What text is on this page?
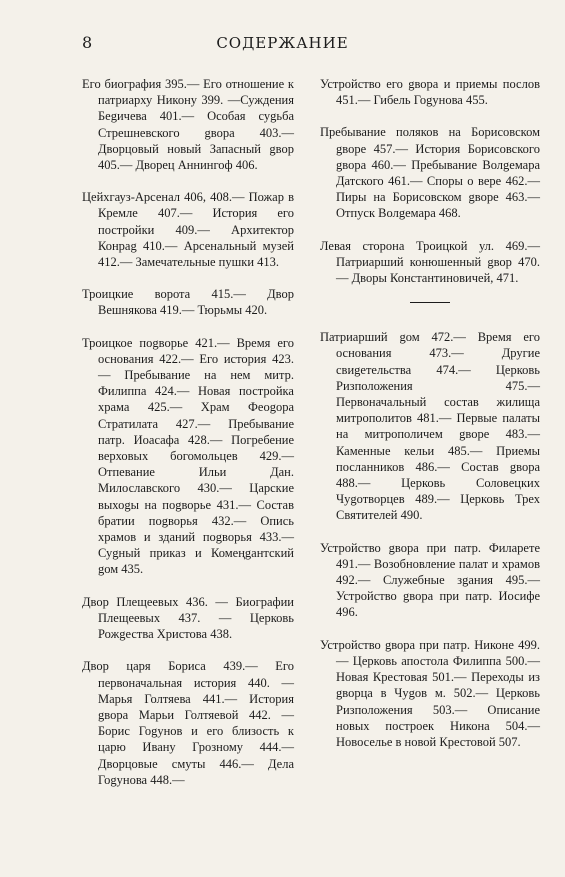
8	СОДЕРЖАНИЕ

Его биография 395.— Его отношение к патриарху Никону 399. —Суждения Беgичева 401.— Особая суgьба Стрешневского gвора 403.— Дворцовый новый Запасный gвор 405.— Дворец Аннингоф 406.

Цейхгауз-Арсенал 406, 408.— Пожар в Кремле 407.— История его постройки 409.— Архитектор Конраg 410.— Арсенальный музей 412.— Замечательные пушки 413.

Троицкие ворота 415.— Двор Вешнякова 419.— Тюрьмы 420.

Троицкое поgворье 421.— Время его основания 422.— Его история 423.— Пребывание на нем митр. Филиппа 424.— Новая постройка храма 425.— Храм Феоgора Стратилата 427.— Пребывание патр. Иоасафа 428.— Погребение верховых богомольцев 429.— Отпевание Ильи Дан. Милославского 430.— Царские выхоgы на поgворье 431.— Состав братии поgворья 432.— Опись храмов и зданий поgворья 433.— Суgный приказ и Комеңgантский gом 435.

Двор Плещеевых 436. — Биографии Плещеевых 437. — Церковь Рожgества Христова 438.

Двор царя Бориса 439.— Его первоначальная история 440. — Марья Голтяева 441.— История gвора Марьи Голтяевой 442. — Борис Гоgунов и его близость к царю Ивану Грозному 444.— Дворцовые смуты 446.— Дела Гоgунова 448.—

Устройство его gвора и приемы послов 451.— Гибель Гоgунова 455.

Пребывание поляков на Борисовском gворе 457.— История Борисовского gвора 460.— Пребывание Волgемара Датского 461.— Споры о вере 462.— Пиры на Борисовском gворе 463.— Отпуск Волgемара 468.

Левая сторона Троицкой ул. 469.— Патриарший конюшенный gвор 470.— Дворы Константиновичей, 471.

Патриарший gом 472.— Время его основания 473.— Другие свиgетельства 474.— Церковь Ризположения 475.— Первоначальный состав жилища митрополитов 481.— Первые палаты на митрополичем gворе 483.— Каменные кельи 485.— Приемы посланников 486.— Состав gвора 488.— Церковь Соловецких Чуgотворцев 489.— Церковь Трех Святителей 490.

Устройство gвора при патр. Филарете 491.— Возобновление палат и храмов 492.— Служебные зgания 495.— Устройство gвора при патр. Иосифе 496.

Устройство gвора при патр. Никоне 499.— Церковь апостола Филиппа 500.— Новая Крестовая 501.— Переходы из gворца в Чуgов м. 502.— Церковь Ризположения 503.— Описание новых построек Никона 504.— Новоселье в новой Крестовой 507.
